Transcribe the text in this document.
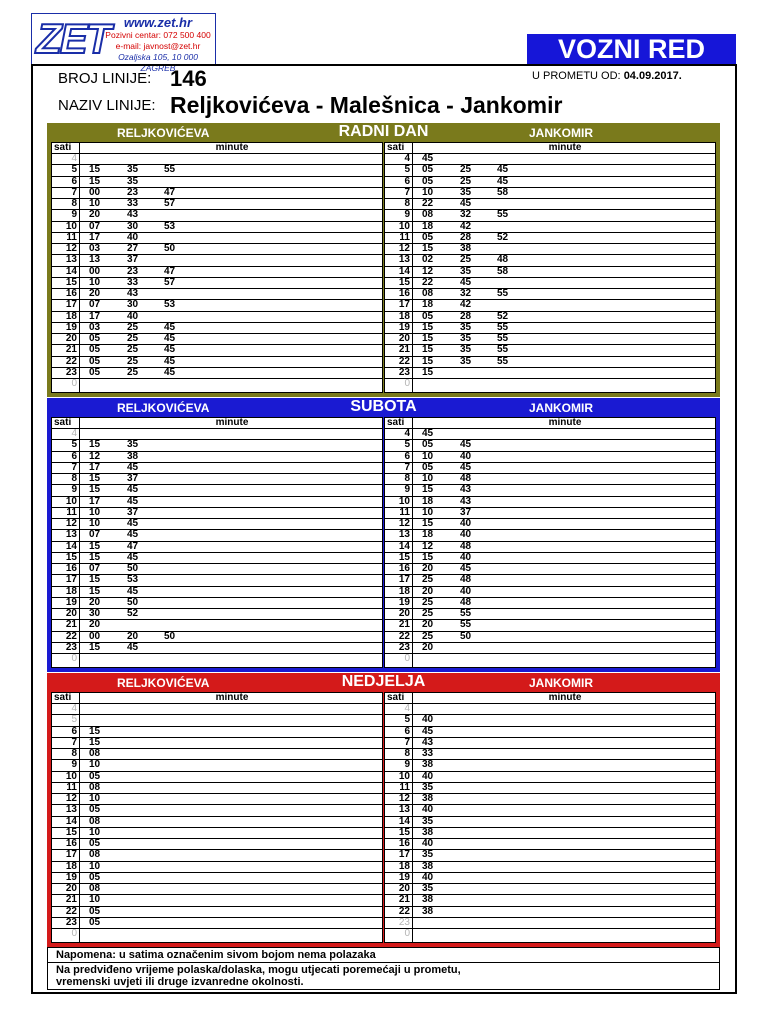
ZET	www.zet.hr
Pozivni centar: 072 500 400
e-mail: javnost@zet.hr
Ozaljska 105, 10 000 ZAGREB
VOZNI RED
BROJ LINIJE: 146
NAZIV LINIJE: Reljkovićeva - Malešnica - Jankomir
U PROMETU OD: 04.09.2017.
RADNI DAN
RELJKOVIĆEVA	JANKOMIR
sati	minute
4
5 15	35	55
6 15	35
7 00	23	47
8 10	33	57
9 20	43
10 07	30	53
11 17	40
12 03	27	50
13 13	37
14 00	23	47
15 10	33	57
16 20	43
17 07	30	53
18 17	40
19 03	25	45
20 05	25	45
21 05	25	45
22 05	25	45
23 05	25	45
0
sati	minute
4 45
5 05	25	45
6 05	25	45
7 10	35	58
8 22	45
9 08	32	55
10 18	42
11 05	28	52
12 15	38
13 02	25	48
14 12	35	58
15 22	45
16 08	32	55
17 18	42
18 05	28	52
19 15	35	55
20 15	35	55
21 15	35	55
22 15	35	55
23 15
0
SUBOTA
RELJKOVIĆEVA	JANKOMIR
sati	minute
4
5 15	35
6 12	38
7 17	45
8 15	37
9 15	45
10 17	45
11 10	37
12 10	45
13 07	45
14 15	47
15 15	45
16 07	50
17 15	53
18 15	45
19 20	50
20 30	52
21 20
22 00	20	50
23 15	45
0
sati	minute
4 45
5 05	45
6 10	40
7 05	45
8 10	48
9 15	43
10 18	43
11 10	37
12 15	40
13 18	40
14 12	48
15 15	40
16 20	45
17 25	48
18 20	40
19 25	48
20 25	55
21 20	55
22 25	50
23 20
0
NEDJELJA
RELJKOVIĆEVA	JANKOMIR
sati	minute
4
5
6 15
7 15
8 08
9 10
10 05
11 08
12 10
13 05
14 08
15 10
16 05
17 08
18 10
19 05
20 08
21 10
22 05
23 05
0
sati	minute
4
5 40
6 45
7 43
8 33
9 38
10 40
11 35
12 38
13 40
14 35
15 38
16 40
17 35
18 38
19 40
20 35
21 38
22 38
23
0
Napomena: u satima označenim sivom bojom nema polazaka
Na predviđeno vrijeme polaska/dolaska, mogu utjecati poremećaji u prometu,
vremenski uvjeti ili druge izvanredne okolnosti.
